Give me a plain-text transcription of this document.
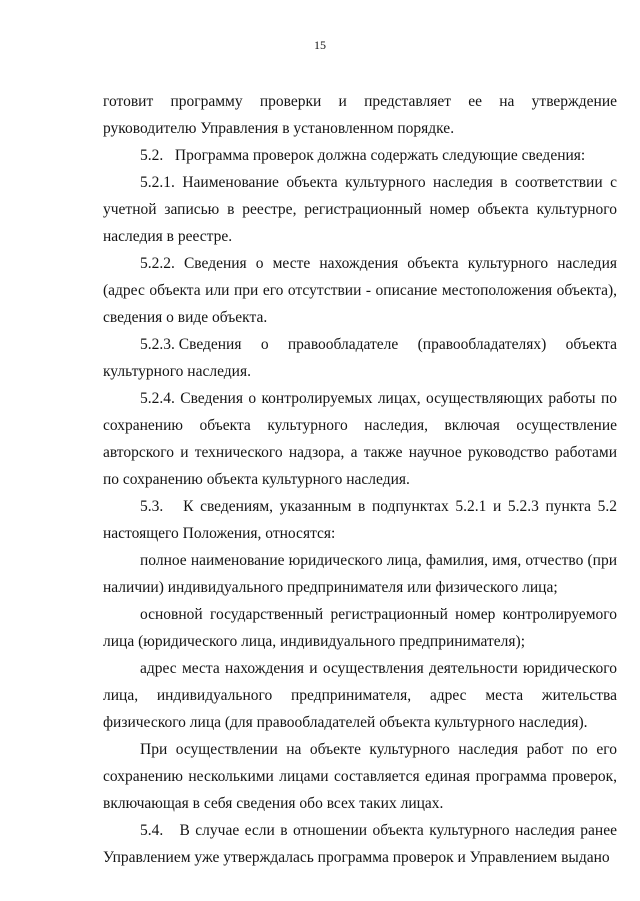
15

готовит программу проверки и представляет ее на утверждение руководителю Управления в установленном порядке.

5.2.   Программа проверок должна содержать следующие сведения:

5.2.1. Наименование объекта культурного наследия в соответствии с учетной записью в реестре, регистрационный номер объекта культурного наследия в реестре.

5.2.2. Сведения о месте нахождения объекта культурного наследия (адрес объекта или при его отсутствии - описание местоположения объекта), сведения о виде объекта.

5.2.3. Сведения о правообладателе (правообладателях) объекта

культурного наследия.

5.2.4. Сведения о контролируемых лицах, осуществляющих работы по сохранению объекта культурного наследия, включая осуществление авторского и технического надзора, а также научное руководство работами по сохранению объекта культурного наследия.

5.3.   К сведениям, указанным в подпунктах 5.2.1 и 5.2.3 пункта 5.2 настоящего Положения, относятся:

полное наименование юридического лица, фамилия, имя, отчество (при наличии) индивидуального предпринимателя или физического лица;

основной государственный регистрационный номер контролируемого лица (юридического лица, индивидуального предпринимателя);

адрес места нахождения и осуществления деятельности юридического лица, индивидуального предпринимателя, адрес места жительства физического лица (для правообладателей объекта культурного наследия).

При осуществлении на объекте культурного наследия работ по его сохранению несколькими лицами составляется единая программа проверок, включающая в себя сведения обо всех таких лицах.

5.4.   В случае если в отношении объекта культурного наследия ранее Управлением уже утверждалась программа проверок и Управлением выдано
